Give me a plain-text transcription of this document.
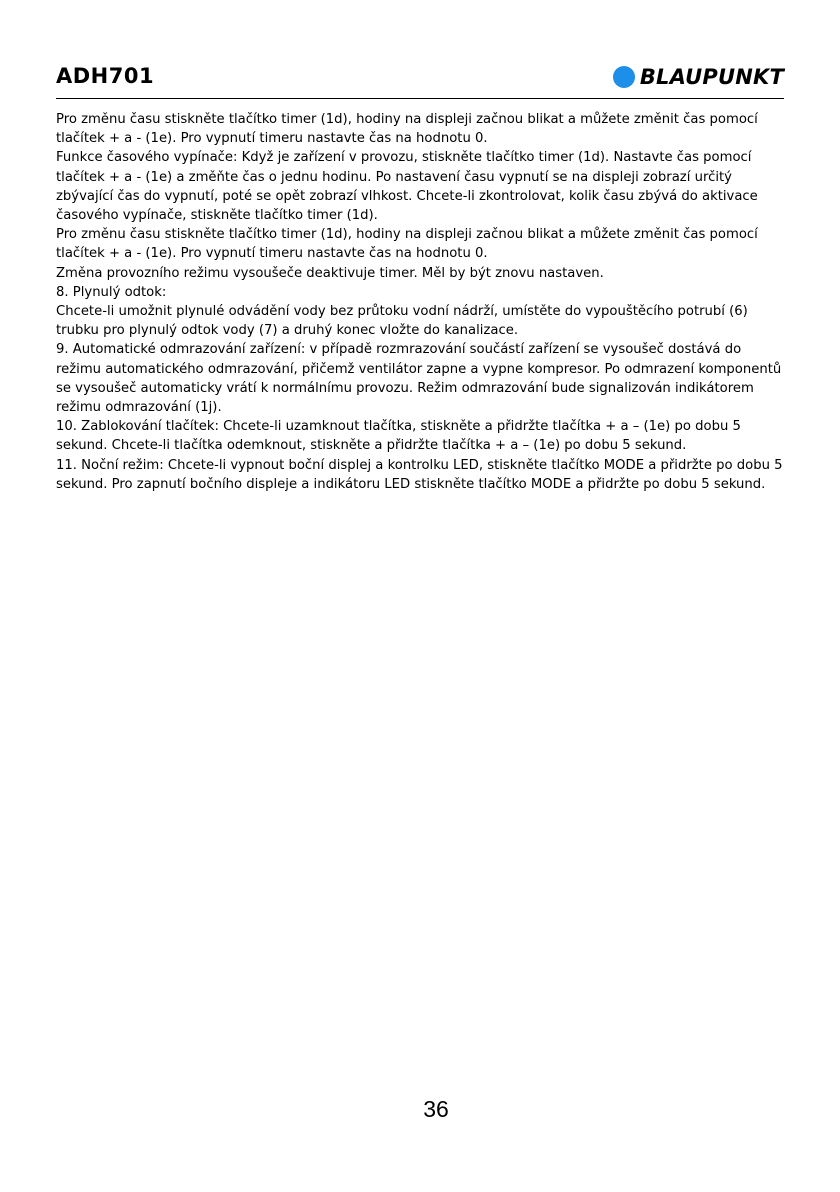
ADH701	BLAUPUNKT

Pro změnu času stiskněte tlačítko timer (1d), hodiny na displeji začnou blikat a můžete změnit čas pomocí tlačítek + a - (1e). Pro vypnutí timeru nastavte čas na hodnotu 0.

Funkce časového vypínače: Když je zařízení v provozu, stiskněte tlačítko timer (1d). Nastavte čas pomocí tlačítek + a - (1e) a změňte čas o jednu hodinu. Po nastavení času vypnutí se na displeji zobrazí určitý zbývající čas do vypnutí, poté se opět zobrazí vlhkost. Chcete-li zkontrolovat, kolik času zbývá do aktivace časového vypínače, stiskněte tlačítko timer (1d).

Pro změnu času stiskněte tlačítko timer (1d), hodiny na displeji začnou blikat a můžete změnit čas pomocí tlačítek + a - (1e). Pro vypnutí timeru nastavte čas na hodnotu 0.

Změna provozního režimu vysoušeče deaktivuje timer. Měl by být znovu nastaven.

8. Plynulý odtok:

Chcete-li umožnit plynulé odvádění vody bez průtoku vodní nádrží, umístěte do vypouštěcího potrubí (6) trubku pro plynulý odtok vody (7) a druhý konec vložte do kanalizace.

9. Automatické odmrazování zařízení: v případě rozmrazování součástí zařízení se vysoušeč dostává do režimu automatického odmrazování, přičemž ventilátor zapne a vypne kompresor. Po odmrazení komponentů se vysoušeč automaticky vrátí k normálnímu provozu. Režim odmrazování bude signalizován indikátorem režimu odmrazování (1j).

10. Zablokování tlačítek: Chcete-li uzamknout tlačítka, stiskněte a přidržte tlačítka + a – (1e) po dobu 5 sekund. Chcete-li tlačítka odemknout, stiskněte a přidržte tlačítka + a – (1e) po dobu 5 sekund.

11. Noční režim: Chcete-li vypnout boční displej a kontrolku LED, stiskněte tlačítko MODE a přidržte po dobu 5 sekund. Pro zapnutí bočního displeje a indikátoru LED stiskněte tlačítko MODE a přidržte po dobu 5 sekund.

36
